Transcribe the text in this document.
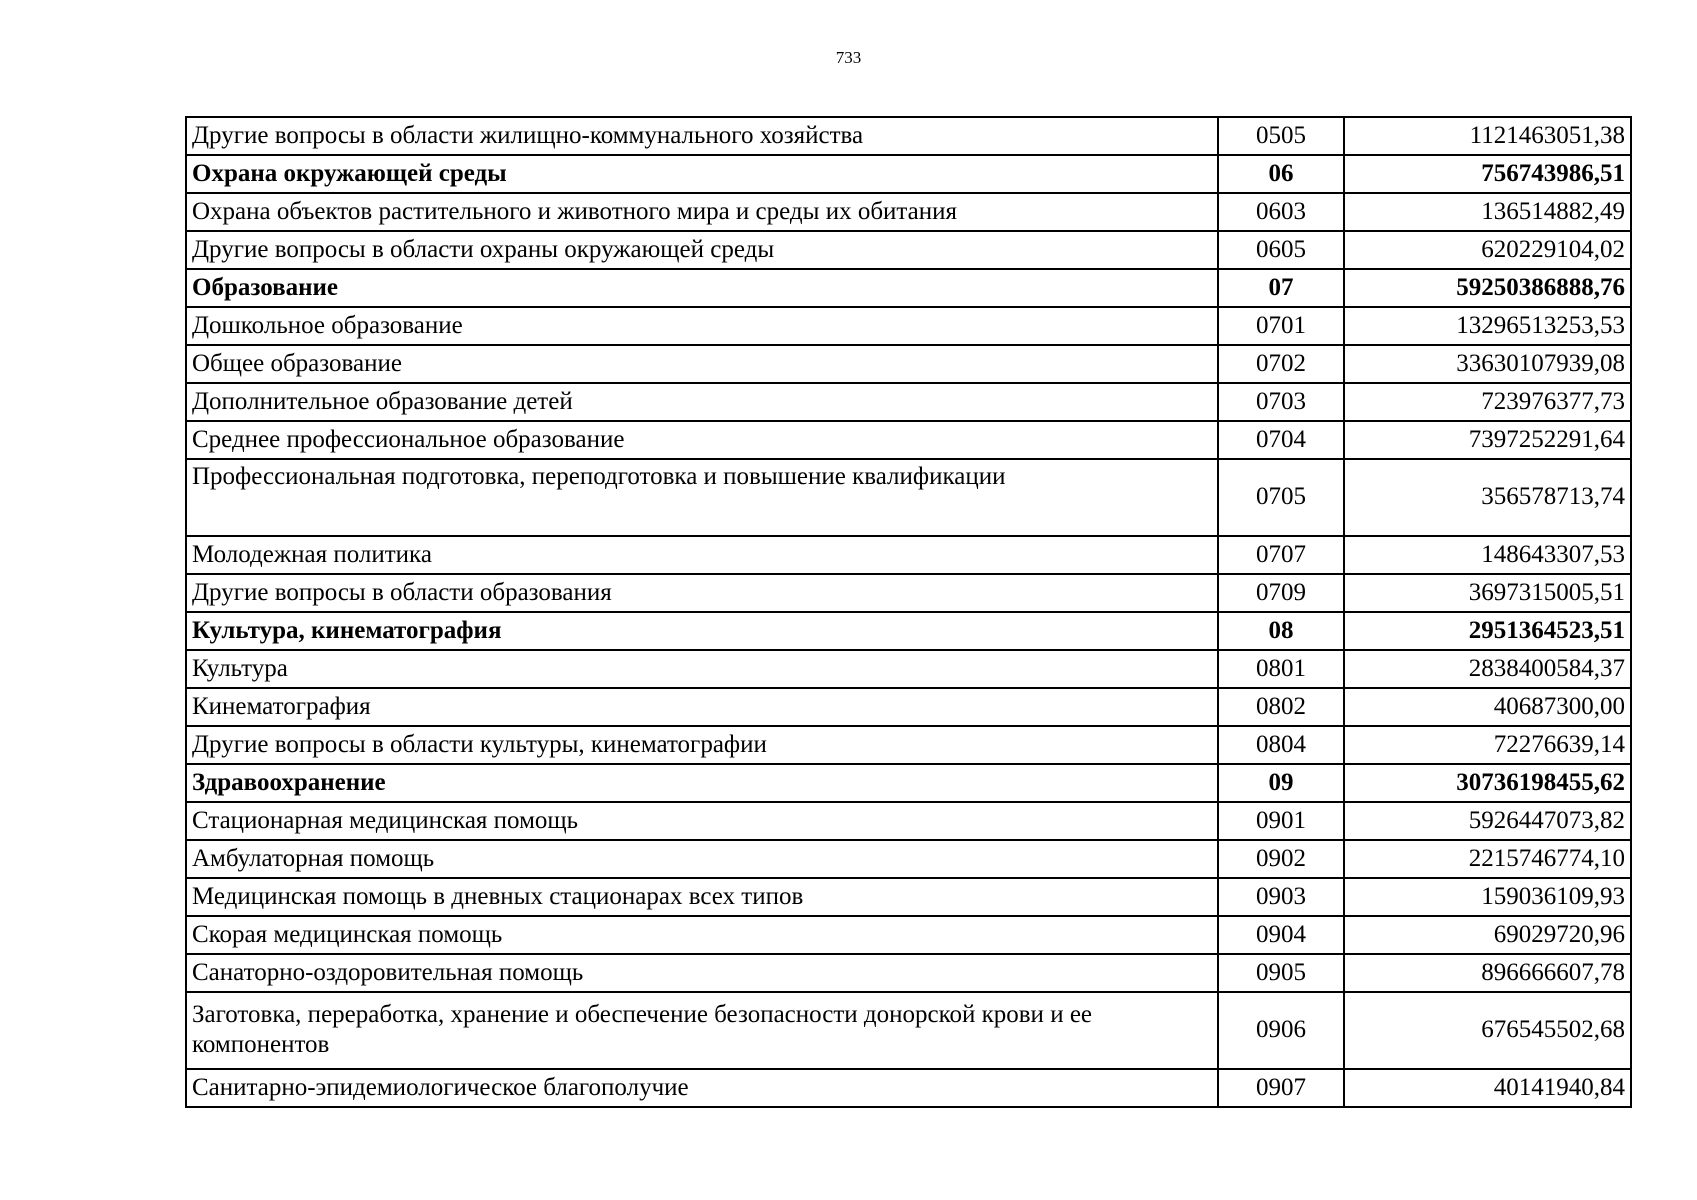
733
Другие вопросы в области жилищно-коммунального хозяйства	0505	1121463051,38
Охрана окружающей среды	06	756743986,51
Охрана объектов растительного и животного мира и среды их обитания	0603	136514882,49
Другие вопросы в области охраны окружающей среды	0605	620229104,02
Образование	07	59250386888,76
Дошкольное образование	0701	13296513253,53
Общее образование	0702	33630107939,08
Дополнительное образование детей	0703	723976377,73
Среднее профессиональное образование	0704	7397252291,64
Профессиональная подготовка, переподготовка и повышение квалификации	0705	356578713,74
Молодежная политика	0707	148643307,53
Другие вопросы в области образования	0709	3697315005,51
Культура, кинематография	08	2951364523,51
Культура	0801	2838400584,37
Кинематография	0802	40687300,00
Другие вопросы в области культуры, кинематографии	0804	72276639,14
Здравоохранение	09	30736198455,62
Стационарная медицинская помощь	0901	5926447073,82
Амбулаторная помощь	0902	2215746774,10
Медицинская помощь в дневных стационарах всех типов	0903	159036109,93
Скорая медицинская помощь	0904	69029720,96
Санаторно-оздоровительная помощь	0905	896666607,78
Заготовка, переработка, хранение и обеспечение безопасности донорской крови и ее компонентов	0906	676545502,68
Санитарно-эпидемиологическое благополучие	0907	40141940,84
